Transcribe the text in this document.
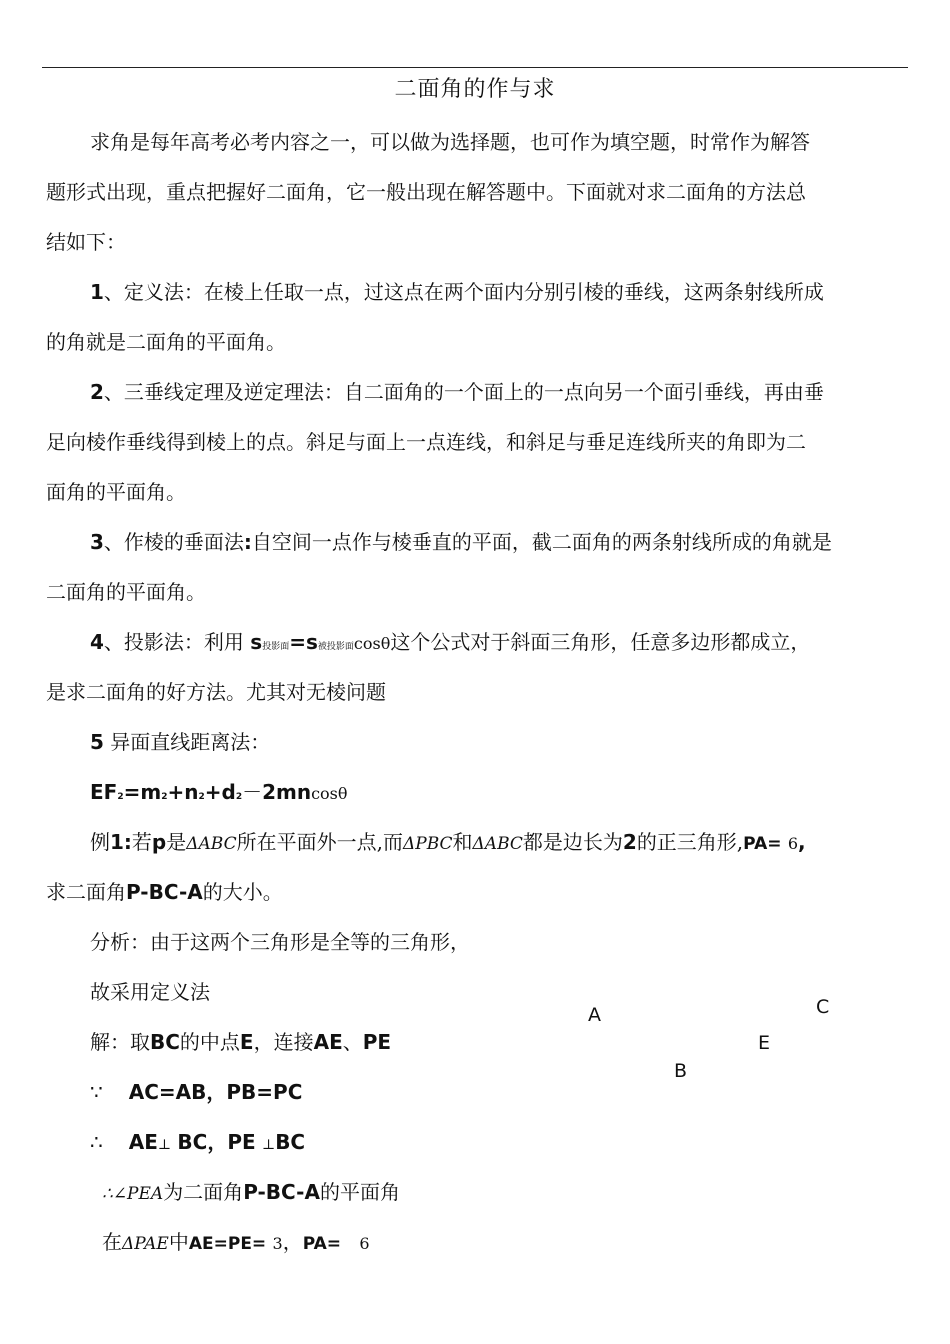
二面角的作与求
求角是每年高考必考内容之一，可以做为选择题，也可作为填空题，时常作为解答
题形式出现，重点把握好二面角，它一般出现在解答题中。下面就对求二面角的方法总
结如下：
1、定义法：在棱上任取一点，过这点在两个面内分别引棱的垂线，这两条射线所成
的角就是二面角的平面角。
2、三垂线定理及逆定理法：自二面角的一个面上的一点向另一个面引垂线，再由垂
足向棱作垂线得到棱上的点。斜足与面上一点连线，和斜足与垂足连线所夹的角即为二
面角的平面角。
3、作棱的垂面法:自空间一点作与棱垂直的平面，截二面角的两条射线所成的角就是
二面角的平面角。
4、投影法：利用 s投影面=s被投影面cosθ这个公式对于斜面三角形，任意多边形都成立，
是求二面角的好方法。尤其对无棱问题
5 异面直线距离法：
EF2=m2+n2+d2－2mncosθ
例1:若p是ΔABC所在平面外一点,而ΔPBC和ΔABC都是边长为2的正三角形,PA= 6,
求二面角P-BC-A的大小。
分析：由于这两个三角形是全等的三角形，
故采用定义法
解：取BC的中点E，连接AE、PE
∵ AC=AB，PB=PC
∴ AE⊥ BC，PE ⊥BC
∴∠PEA为二面角P-BC-A的平面角
在ΔPAE中AE=PE= 3，PA= 6
A	C
E
B
